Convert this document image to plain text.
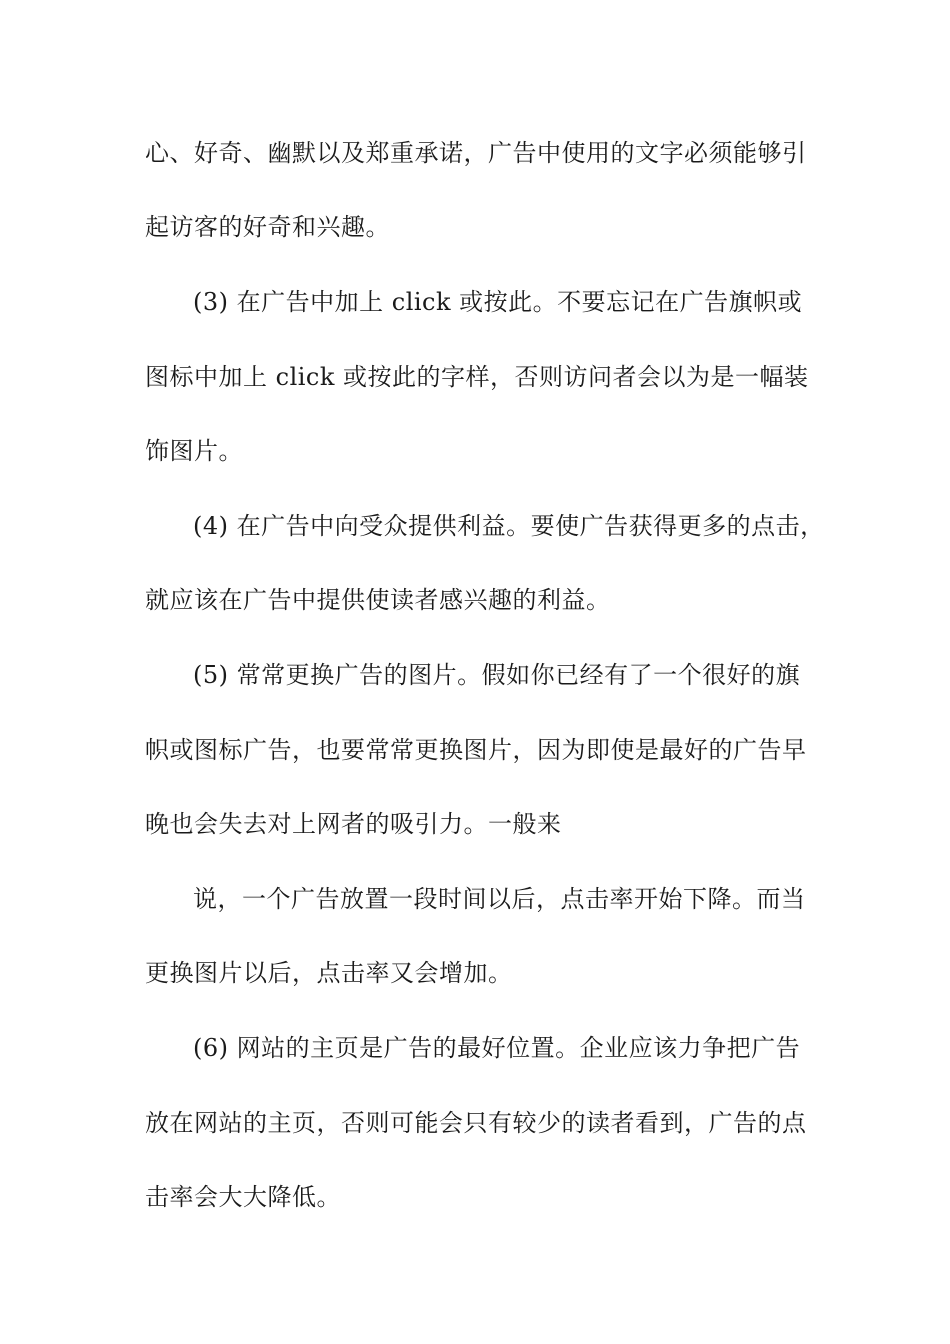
心、好奇、幽默以及郑重承诺，广告中使用的文字必须能够引
起访客的好奇和兴趣。
(3) 在广告中加上 click 或按此。不要忘记在广告旗帜或
图标中加上 click 或按此的字样，否则访问者会以为是一幅装
饰图片。
(4) 在广告中向受众提供利益。要使广告获得更多的点击，
就应该在广告中提供使读者感兴趣的利益。
(5) 常常更换广告的图片。假如你已经有了一个很好的旗
帜或图标广告，也要常常更换图片，因为即使是最好的广告早
晚也会失去对上网者的吸引力。一般来
说，一个广告放置一段时间以后，点击率开始下降。而当
更换图片以后，点击率又会增加。
(6) 网站的主页是广告的最好位置。企业应该力争把广告
放在网站的主页，否则可能会只有较少的读者看到，广告的点
击率会大大降低。
